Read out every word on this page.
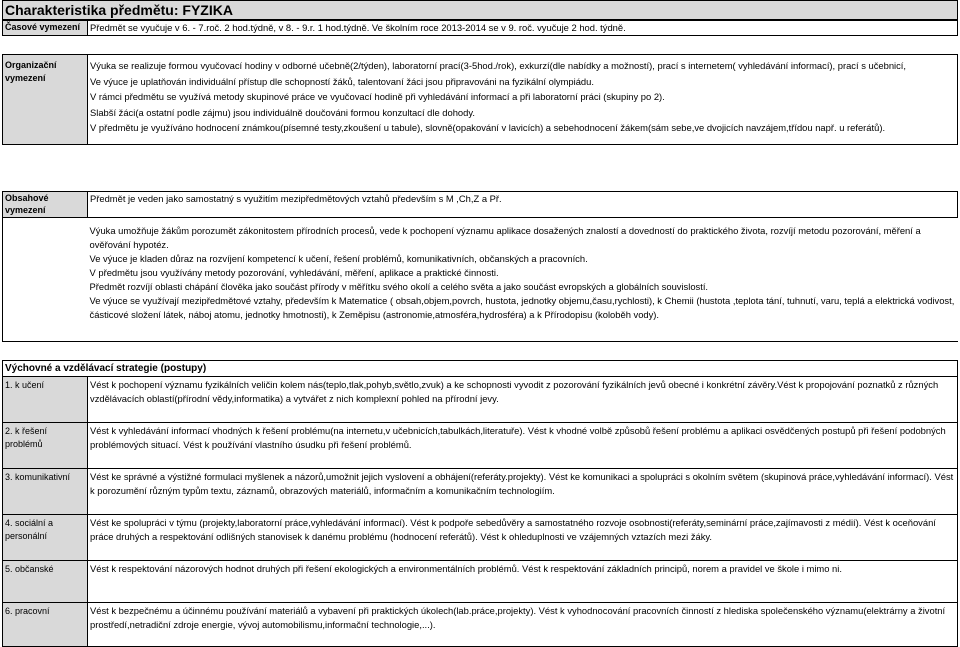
Charakteristika předmětu: FYZIKA
Časové vymezení	Předmět se vyučuje v 6. - 7.roč. 2 hod.týdně, v 8. - 9.r. 1 hod.týdně. Ve školním roce 2013-2014 se v 9. roč. vyučuje 2 hod. týdně.

Organizační vymezení	Výuka se realizuje formou vyučovací hodiny v odborné učebně(2/týden), laboratorní prací(3-5hod./rok), exkurzí(dle nabídky a možností), prací s internetem( vyhledávání informací), prací s učebnicí,

Ve výuce je uplatňován individuální přístup dle schopností žáků, talentovaní žáci jsou připravováni na fyzikální olympiádu.

V rámci předmětu se využívá metody skupinové práce ve vyučovací hodině při vyhledávání informací a při laboratorní práci (skupiny po 2).

Slabší žáci(a ostatní podle zájmu) jsou individuálně doučováni formou konzultací dle dohody.

V předmětu je využíváno hodnocení známkou(písemné testy,zkoušení u tabule), slovně(opakování v lavicích) a sebehodnocení žákem(sám sebe,ve dvojicích navzájem,třídou např. u referátů).

Obsahové vymezení	Předmět je veden jako samostatný s využitím mezipředmětových vztahů především s M ,Ch,Z a Př.

	Výuka umožňuje žákům porozumět zákonitostem přírodních procesů, vede k pochopení významu aplikace dosažených znalostí a dovedností do praktického života, rozvíjí metodu pozorování, měření a ověřování hypotéz.

Ve výuce je kladen důraz na rozvíjení kompetencí k učení, řešení problémů, komunikativních, občanských a pracovních.

V předmětu jsou využívány metody pozorování, vyhledávání, měření, aplikace a praktické činnosti.

Předmět rozvíjí oblasti chápání člověka jako součást přírody v měřítku svého okolí a celého světa a jako součást evropských a globálních souvislostí.

Ve výuce se využívají mezipředmětové vztahy, především k Matematice ( obsah,objem,povrch, hustota, jednotky objemu,času,rychlosti), k Chemii (hustota ,teplota tání, tuhnutí, varu, teplá a elektrická vodivost, částicové složení látek, náboj atomu, jednotky hmotnosti), k Zeměpisu (astronomie,atmosféra,hydrosféra) a k Přírodopisu (koloběh vody).

Výchovné a vzdělávací strategie (postupy)	
1. k učení	Vést k pochopení významu fyzikálních veličin kolem nás(teplo,tlak,pohyb,světlo,zvuk) a ke schopnosti vyvodit z pozorování fyzikálních jevů obecné i konkrétní závěry.Vést k propojování poznatků z různých vzdělávacích oblastí(přírodní vědy,informatika) a vytvářet z nich komplexní pohled na přírodní jevy.
2. k řešení problémů	Vést k vyhledávání informací vhodných k řešení problému(na internetu,v učebnicích,tabulkách,literatuře). Vést k vhodné volbě způsobů řešení problému a aplikaci osvědčených postupů při řešení podobných problémových situací. Vést k používání vlastního úsudku při řešení problémů.
3. komunikativní	Vést ke správné a výstižné formulaci myšlenek a názorů,umožnit jejich vyslovení a obhájení(referáty.projekty). Vést ke komunikaci a spolupráci s okolním světem (skupinová práce,vyhledávání informací). Vést k porozumění různým typům textu, záznamů, obrazových materiálů, informačním a komunikačním technologiím.
4. sociální a personální	Vést ke spolupráci v týmu (projekty,laboratorní práce,vyhledávání informací). Vést k podpoře sebedůvěry a samostatného rozvoje osobnosti(referáty,seminární práce,zajímavosti z médií). Vést k oceňování práce druhých a respektování odlišných stanovisek k danému problému (hodnocení referátů). Vést k ohleduplnosti ve vzájemných vztazích mezi žáky.
5. občanské	Vést k respektování názorových hodnot druhých při řešení ekologických a environmentálních problémů. Vést k respektování základních principů, norem a pravidel ve škole i mimo ni.
6. pracovní	Vést k bezpečnému a účinnému používání materiálů a vybavení při praktických úkolech(lab.práce,projekty). Vést k vyhodnocování pracovních činností z hlediska společenského významu(elektrárny a životní prostředí,netradiční zdroje energie, vývoj automobilismu,informační technologie,...).
